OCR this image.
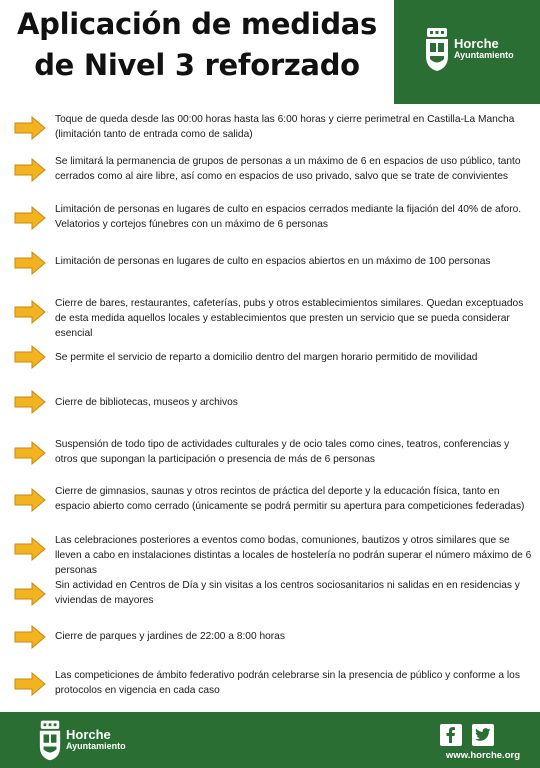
Aplicación de medidas
de Nivel 3 reforzado
Horche
Ayuntamiento

Toque de queda desde las 00:00 horas hasta las 6:00 horas y cierre perimetral en Castilla-La Mancha (limitación tanto de entrada como de salida)

Se limitará la permanencia de grupos de personas a un máximo de 6 en espacios de uso público, tanto cerrados como al aire libre, así como en espacios de uso privado, salvo que se trate de convivientes

Limitación de personas en lugares de culto en espacios cerrados mediante la fijación del 40% de aforo. Velatorios y cortejos fúnebres con un máximo de 6 personas

Limitación de personas en lugares de culto en espacios abiertos en un máximo de 100 personas

Cierre de bares, restaurantes, cafeterías, pubs y otros establecimientos similares. Quedan exceptuados de esta medida aquellos locales y establecimientos que presten un servicio que se pueda considerar esencial

Se permite el servicio de reparto a domicilio dentro del margen horario permitido de movilidad

Cierre de bibliotecas, museos y archivos

Suspensión de todo tipo de actividades culturales y de ocio tales como cines, teatros, conferencias y otros que supongan la participación o presencia de más de 6 personas

Cierre de gimnasios, saunas y otros recintos de práctica del deporte y la educación física, tanto en espacio abierto como cerrado (únicamente se podrá permitir su apertura para competiciones federadas)

Las celebraciones posteriores a eventos como bodas, comuniones, bautizos y otros similares que se lleven a cabo en instalaciones distintas a locales de hostelería no podrán superar el número máximo de 6 personas

Sin actividad en Centros de Día y sin visitas a los centros sociosanitarios ni salidas en en residencias y viviendas de mayores

Cierre de parques y jardines de 22:00 a 8:00 horas

Las competiciones de ámbito federativo podrán celebrarse sin la presencia de público y conforme a los protocolos en vigencia en cada caso

Horche
Ayuntamiento
www.horche.org
